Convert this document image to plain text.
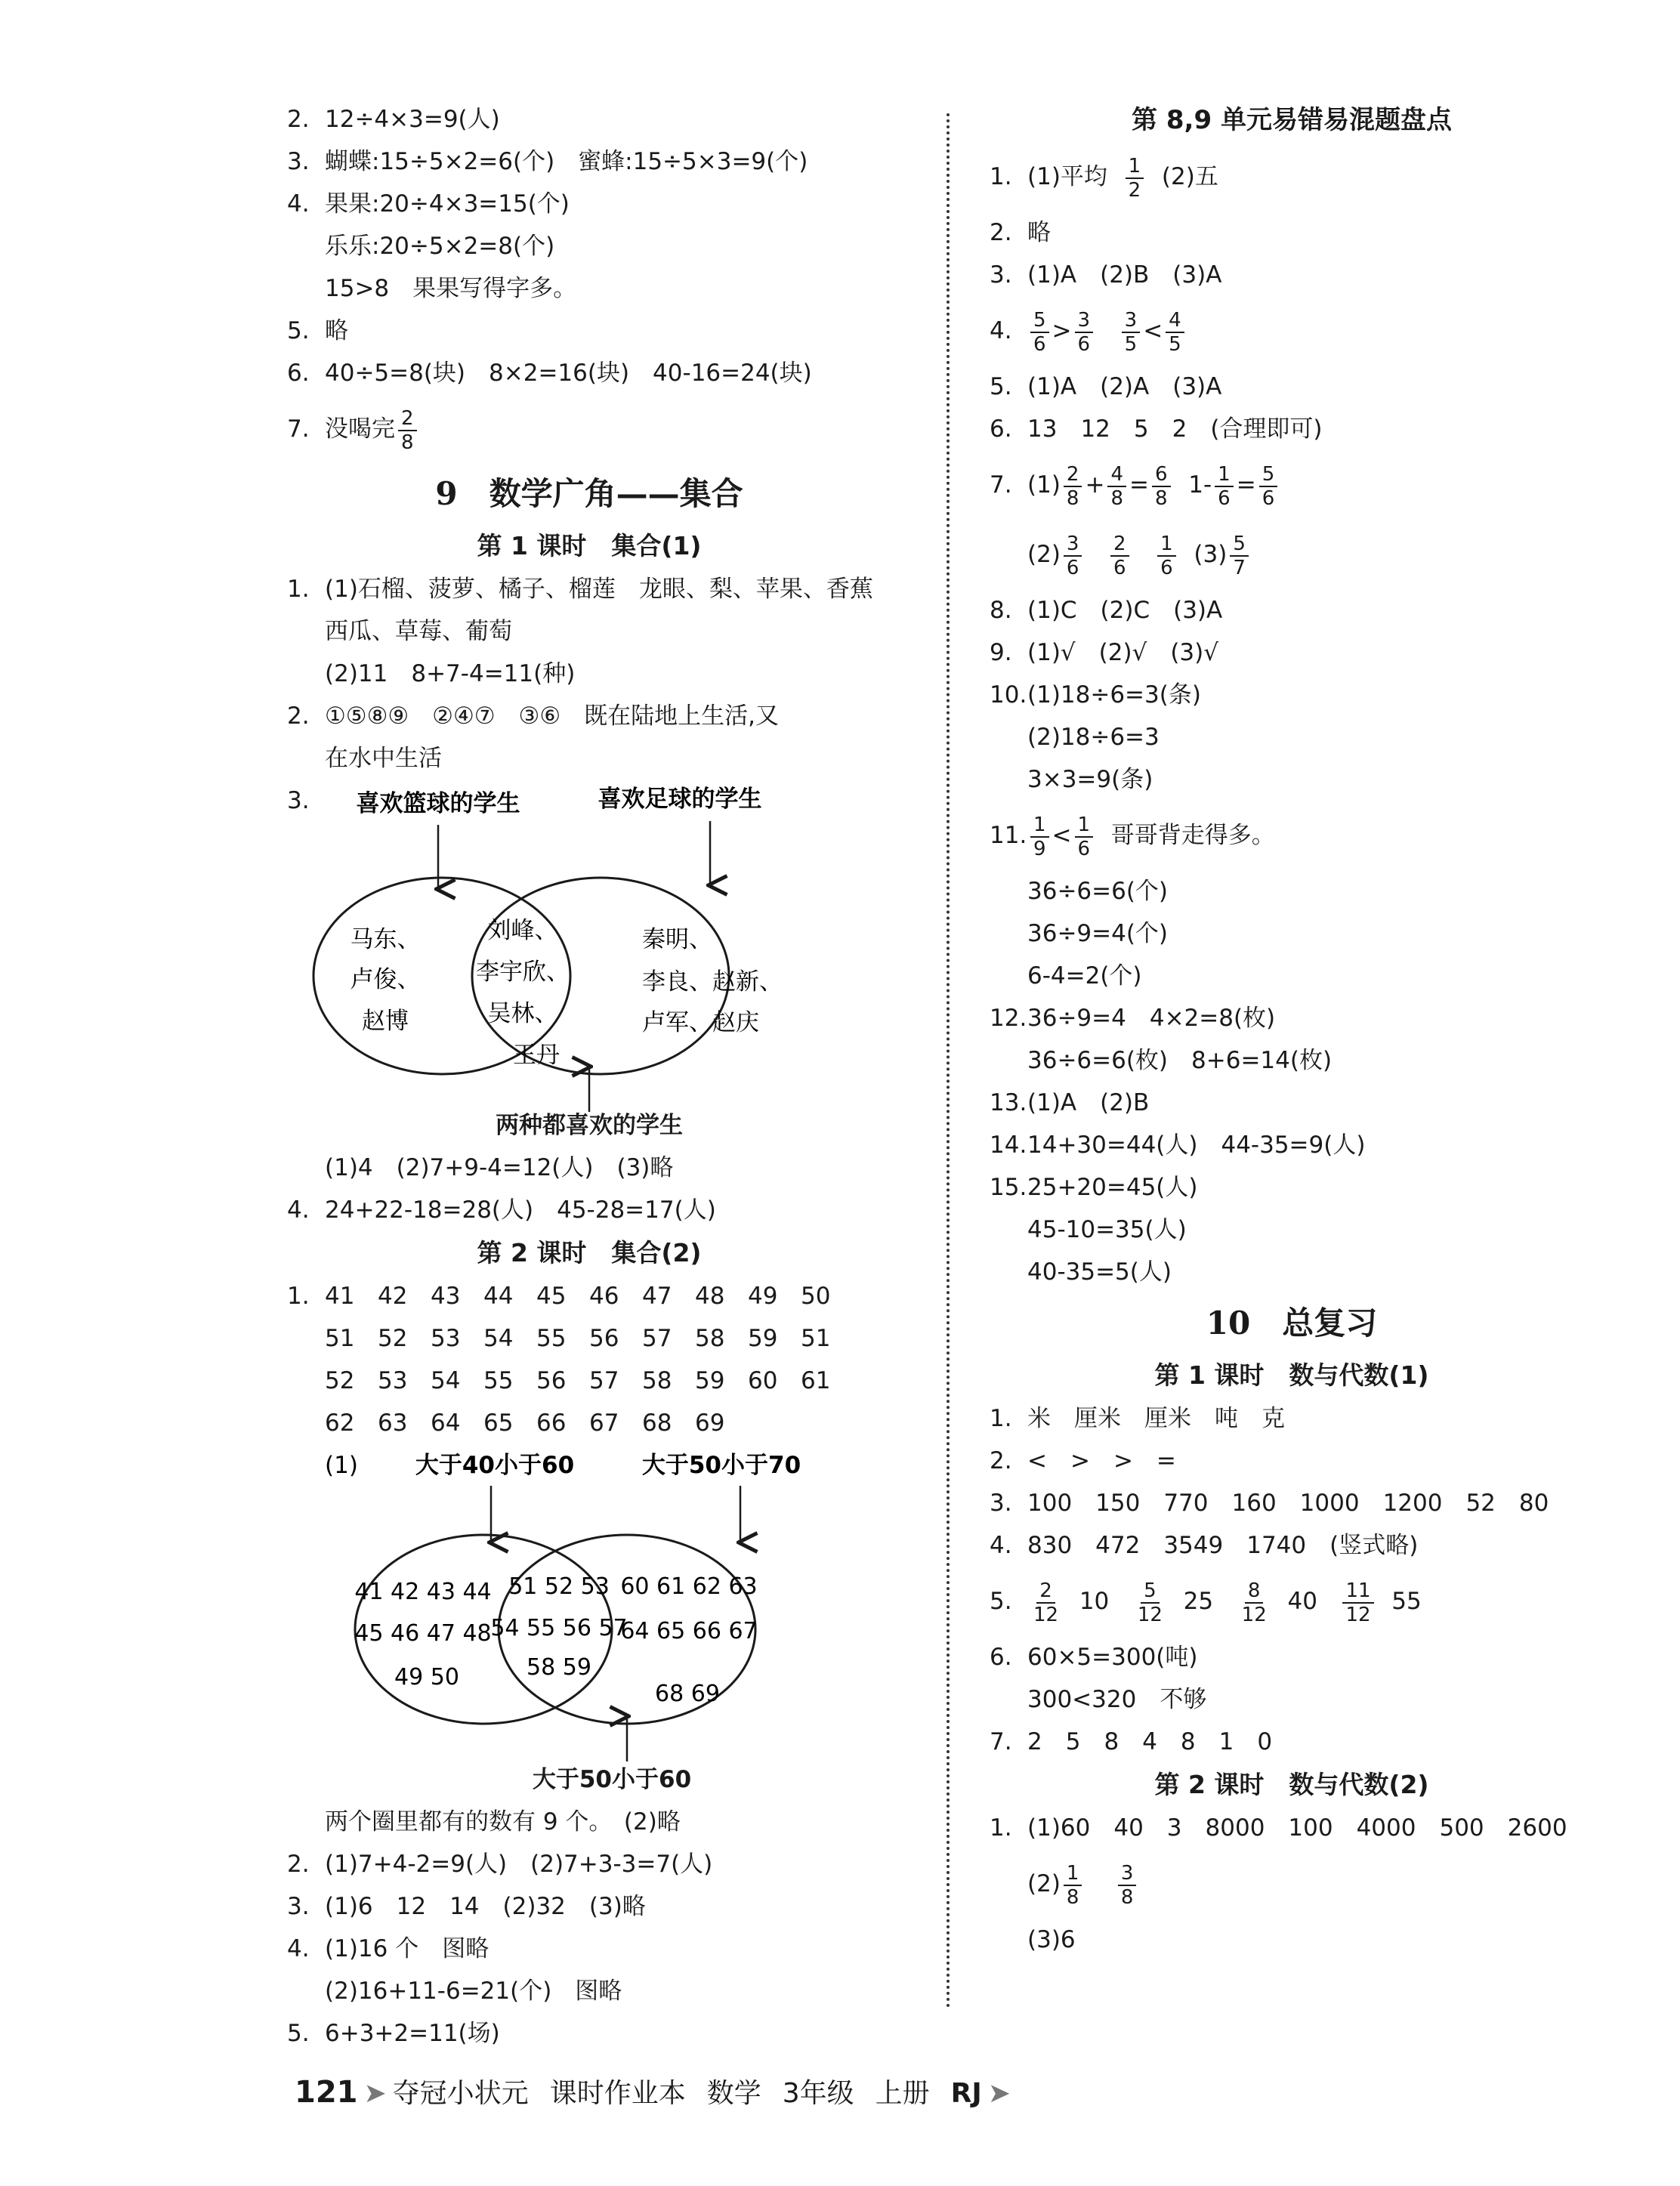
2. 12÷4×3=9(人)
3. 蝴蝶:15÷5×2=6(个)　蜜蜂:15÷5×3=9(个)
4. 果果:20÷4×3=15(个)
乐乐:20÷5×2=8(个)
15>8　果果写得字多。
5. 略
6. 40÷5=8(块)　8×2=16(块)　40-16=24(块)
7. 没喝完 $\frac{2}{8}$
9　数学广角——集合
第 1 课时　集合(1)
1. (1)石榴、菠萝、橘子、榴莲　龙眼、梨、苹果、香蕉
西瓜、草莓、葡萄
(2)11　8+7-4=11(种)
2. ①⑤⑧⑨　②④⑦　③⑥　既在陆地上生活,又
在水中生活
3. 喜欢篮球的学生	喜欢足球的学生
马东、
卢俊、
赵博
刘峰、
李宇欣、
吴林、
王丹
秦明、
李良、赵新、
卢军、赵庆
两种都喜欢的学生
(1)4　(2)7+9-4=12(人)　(3)略
4. 24+22-18=28(人)　45-28=17(人)
第 2 课时　集合(2)
1. 41 42 43 44 45 46 47 48 49 50
51 52 53 54 55 56 57 58 59 51
52 53 54 55 56 57 58 59 60 61
62 63 64 65 66 67 68 69
(1) 大于40小于60	大于50小于70
41 42 43 44
45 46 47 48
49 50
51 52 53
54 55 56 57
58 59
60 61 62 63
64 65 66 67
68 69
大于50小于60
两个圈里都有的数有 9 个。　(2)略
2. (1)7+4-2=9(人)　(2)7+3-3=7(人)
3. (1)6　12　14　(2)32　(3)略
4. (1)16 个　图略
(2)16+11-6=21(个)　图略
5. 6+3+2=11(场)
第 8,9 单元易错易混题盘点
1. (1)平均 $\frac{1}{2} (2)$五
2. 略
3. (1)A　(2)B　(3)A
4. $\frac{5}{6} > \frac{3}{6}$
$\frac{3}{5} < \frac{4}{5}$
5. (1)A　(2)A　(3)A
6. 13　12　5　2　(合理即可)
7. $(1) \frac{2}{8} + \frac{4}{8} = \frac{6}{8} 1- \frac{1}{6} = \frac{5}{6}$
$(2) \frac{3}{6}$
$\frac{2}{6}$
$\frac{1}{6} (3) \frac{5}{7}$
8. (1)C　(2)C　(3)A
9. (1)√　(2)√　(3)√
10.(1)18÷6=3(条)
(2)18÷6=3
3×3=9(条)
11. $\frac{1}{9} < \frac{1}{6}$ 哥哥背走得多。
36÷6=6(个)
36÷9=4(个)
6-4=2(个)
12.36÷9=4　4×2=8(枚)
36÷6=6(枚)　8+6=14(枚)
13.(1)A　(2)B
14.14+30=44(人)　44-35=9(人)
15.25+20=45(人)
45-10=35(人)
40-35=5(人)
10　总复习
第 1 课时　数与代数(1)
1. 米　厘米　厘米　吨　克
2. <　>　>　=
3. 100　150　770　160　1000　1200　52　80
4. 830　472　3549　1740　(竖式略)
5. $\frac{2}{12} 10 \frac{5}{12} 25 \frac{8}{12} 40 \frac{11}{12} 55$
6. 60×5=300(吨)
300<320　不够
7. 2　5　8　4　8　1　0
第 2 课时　数与代数(2)
1. (1)60　40　3　8000　100　4000　500　2600
$(2) \frac{1}{8}$
$\frac{3}{8}$
(3)6
121 ➤ 夺冠小状元 课时作业本 数学 3年级 上册 RJ ➤
